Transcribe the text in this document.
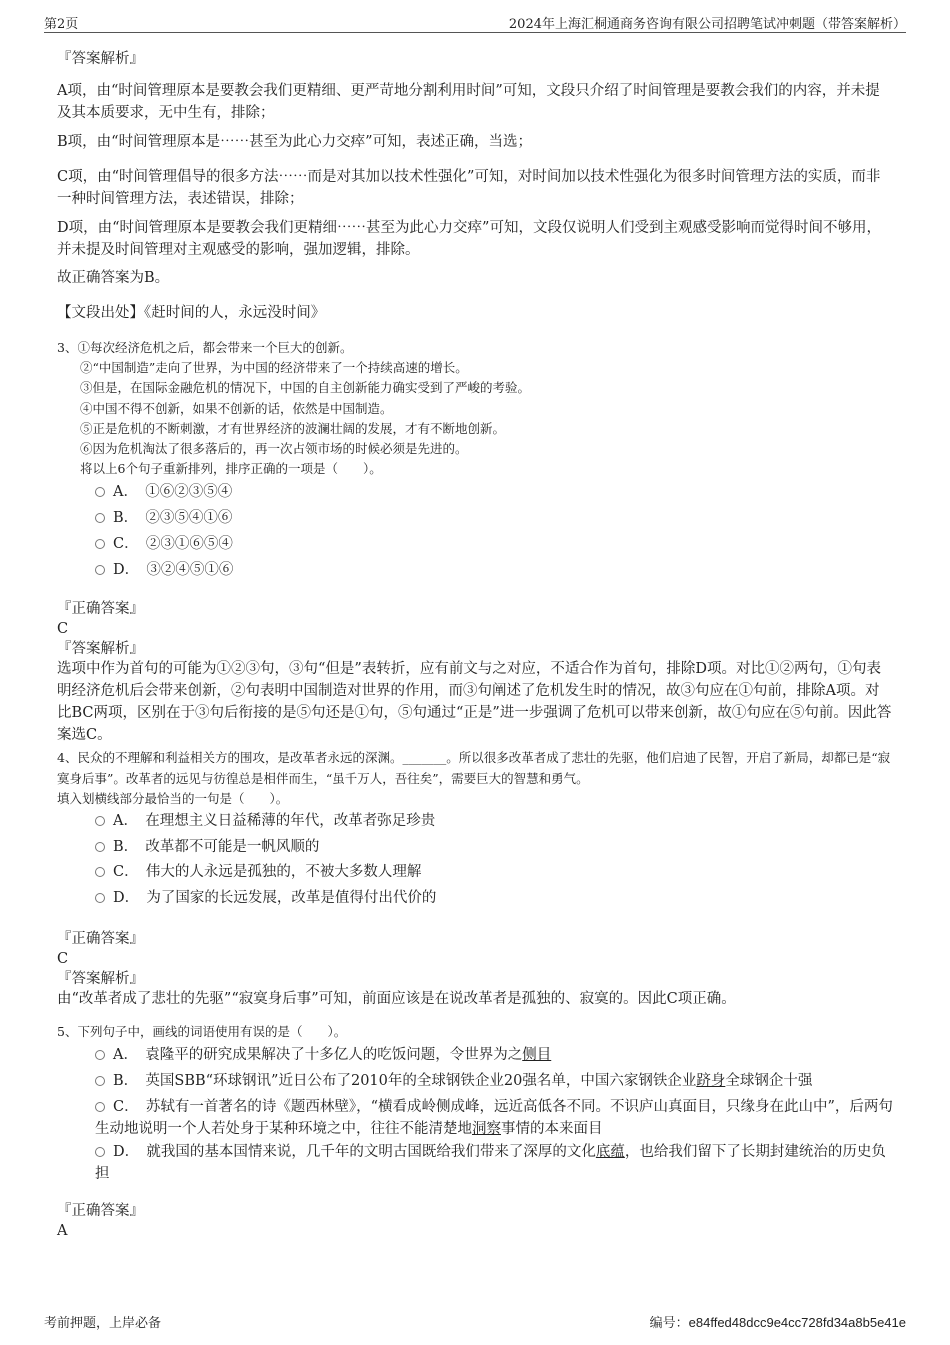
第2页	2024年上海汇桐通商务咨询有限公司招聘笔试冲刺题（带答案解析）
『答案解析』
A项，由“时间管理原本是要教会我们更精细、更严苛地分割利用时间”可知，文段只介绍了时间管理是要教会我们的内容，并未提及其本质要求，无中生有，排除；
B项，由“时间管理原本是⋯⋯甚至为此心力交瘁”可知，表述正确，当选；
C项，由“时间管理倡导的很多方法⋯⋯而是对其加以技术性强化”可知，对时间加以技术性强化为很多时间管理方法的实质，而非一种时间管理方法，表述错误，排除；
D项，由“时间管理原本是要教会我们更精细⋯⋯甚至为此心力交瘁”可知，文段仅说明人们受到主观感受影响而觉得时间不够用，并未提及时间管理对主观感受的影响，强加逻辑，排除。
故正确答案为B。
【文段出处】《赶时间的人，永远没时间》
3、①每次经济危机之后，都会带来一个巨大的创新。
②“中国制造”走向了世界，为中国的经济带来了一个持续高速的增长。
③但是，在国际金融危机的情况下，中国的自主创新能力确实受到了严峻的考验。
④中国不得不创新，如果不创新的话，依然是中国制造。
⑤正是危机的不断刺激，才有世界经济的波澜壮阔的发展，才有不断地创新。
⑥因为危机淘汰了很多落后的，再一次占领市场的时候必须是先进的。
将以上6个句子重新排列，排序正确的一项是（　　）。
A．　①⑥②③⑤④
B．　②③⑤④①⑥
C．　②③①⑥⑤④
D．　③②④⑤①⑥
『正确答案』
C
『答案解析』
选项中作为首句的可能为①②③句，③句“但是”表转折，应有前文与之对应，不适合作为首句，排除D项。对比①②两句，①句表明经济危机后会带来创新，②句表明中国制造对世界的作用，而③句阐述了危机发生时的情况，故③句应在①句前，排除A项。对比BC两项，区别在于③句后衔接的是⑤句还是①句，⑤句通过“正是”进一步强调了危机可以带来创新，故①句应在⑤句前。因此答案选C。
4、民众的不理解和利益相关方的围攻，是改革者永远的深渊。_______。所以很多改革者成了悲壮的先驱，他们启迪了民智，开启了新局，却都已是“寂寞身后事”。改革者的远见与彷徨总是相伴而生，“虽千万人，吾往矣”，需要巨大的智慧和勇气。
填入划横线部分最恰当的一句是（　　）。
A．　在理想主义日益稀薄的年代，改革者弥足珍贵
B．　改革都不可能是一帆风顺的
C．　伟大的人永远是孤独的，不被大多数人理解
D．　为了国家的长远发展，改革是值得付出代价的
『正确答案』
C
『答案解析』
由“改革者成了悲壮的先驱”“寂寞身后事”可知，前面应该是在说改革者是孤独的、寂寞的。因此C项正确。
5、下列句子中，画线的词语使用有误的是（　　）。
A．　袁隆平的研究成果解决了十多亿人的吃饭问题，令世界为之侧目
B．　英国SBB“环球钢讯”近日公布了2010年的全球钢铁企业20强名单，中国六家钢铁企业跻身全球钢企十强
C．　苏轼有一首著名的诗《题西林壁》，“横看成岭侧成峰，远近高低各不同。不识庐山真面目，只缘身在此山中”，后两句生动地说明一个人若处身于某种环境之中，往往不能清楚地洞察事情的本来面目
D．　就我国的基本国情来说，几千年的文明古国既给我们带来了深厚的文化底蕴，也给我们留下了长期封建统治的历史负担
『正确答案』
A
考前押题，上岸必备	编号：e84ffed48dcc9e4cc728fd34a8b5e41e
